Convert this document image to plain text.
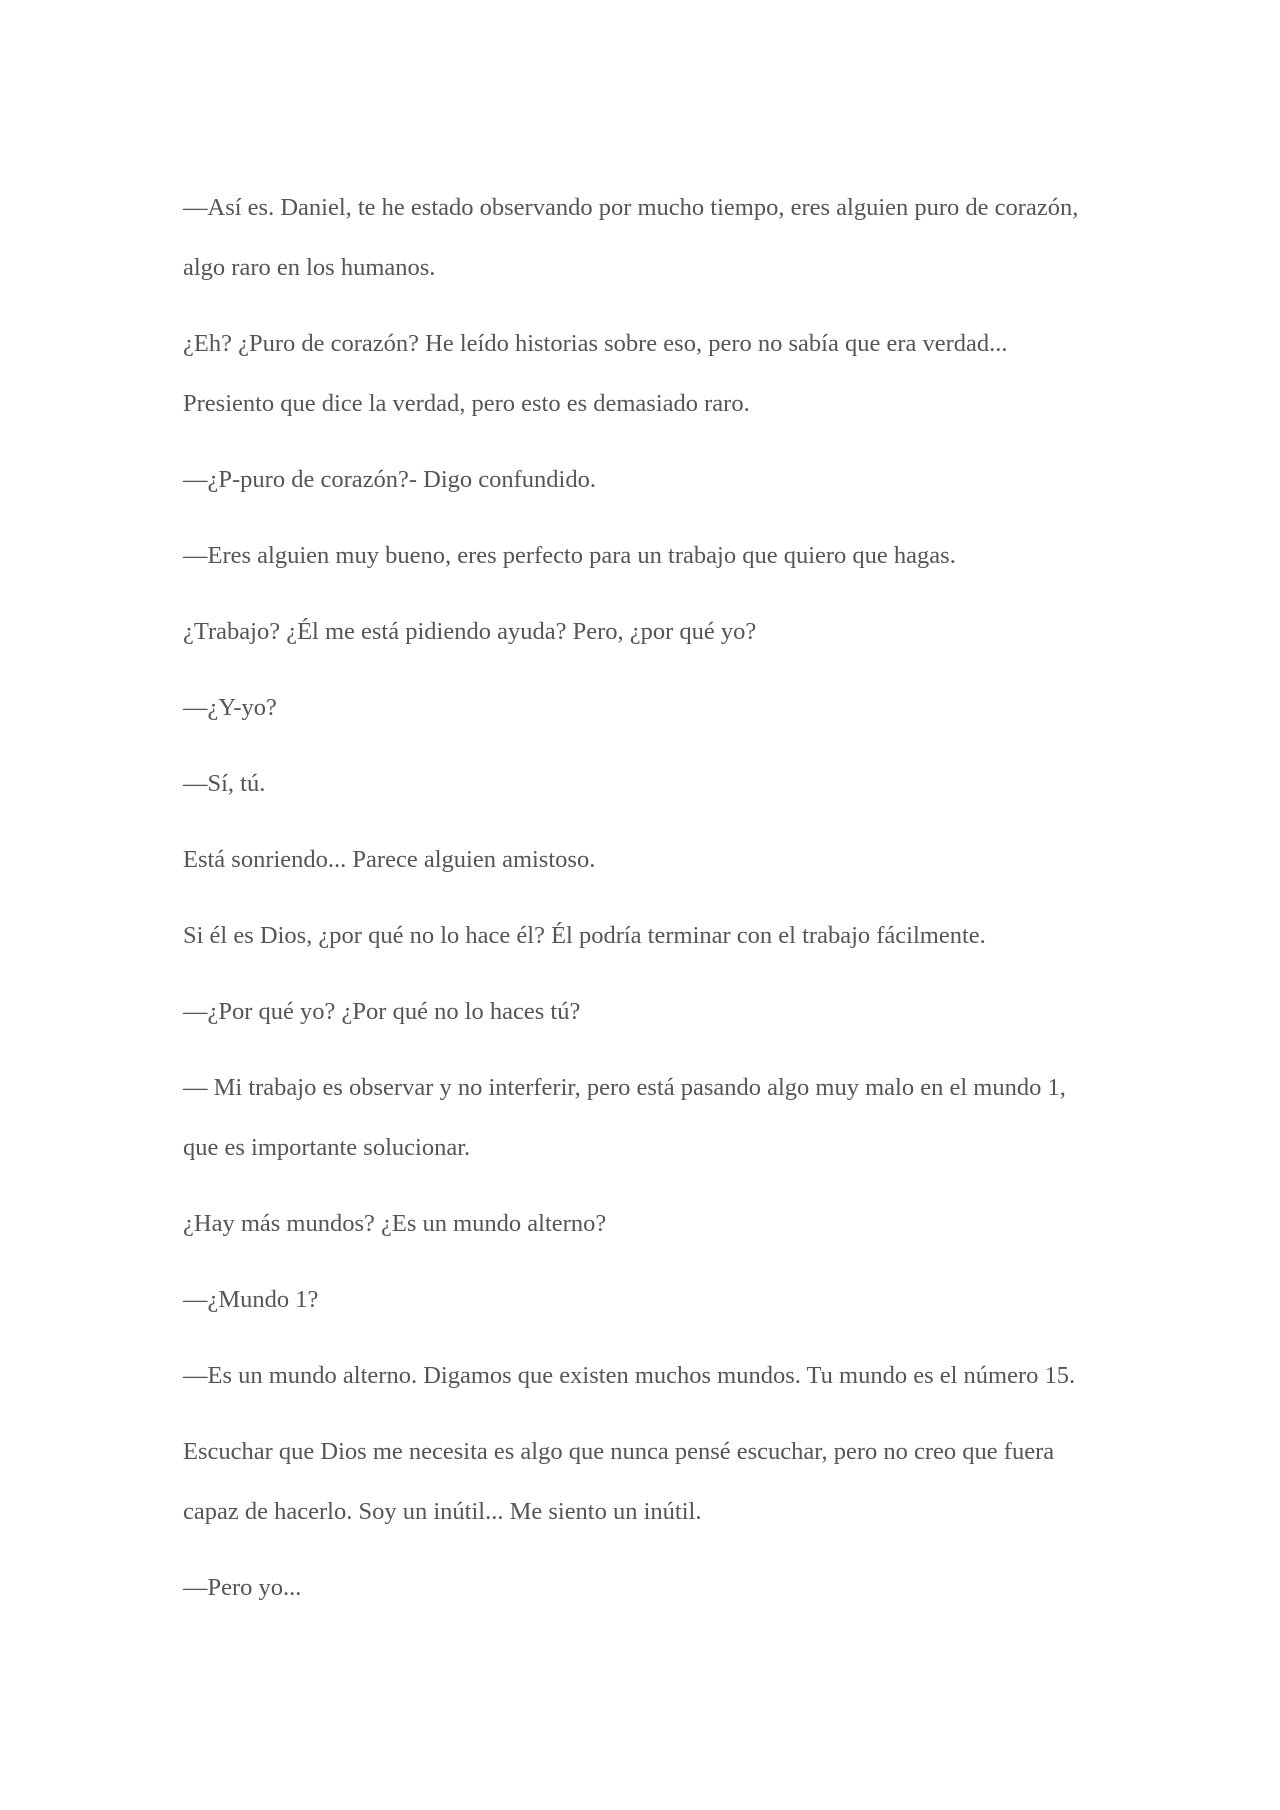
—Así es. Daniel, te he estado observando por mucho tiempo, eres alguien puro de corazón, algo raro en los humanos.

¿Eh? ¿Puro de corazón? He leído historias sobre eso, pero no sabía que era verdad... Presiento que dice la verdad, pero esto es demasiado raro.

—¿P-puro de corazón?- Digo confundido.

—Eres alguien muy bueno, eres perfecto para un trabajo que quiero que hagas.

¿Trabajo? ¿Él me está pidiendo ayuda? Pero, ¿por qué yo?

—¿Y-yo?

—Sí, tú.

Está sonriendo... Parece alguien amistoso.

Si él es Dios, ¿por qué no lo hace él? Él podría terminar con el trabajo fácilmente.

—¿Por qué yo? ¿Por qué no lo haces tú?

— Mi trabajo es observar y no interferir, pero está pasando algo muy malo en el mundo 1, que es importante solucionar.

¿Hay más mundos? ¿Es un mundo alterno?

—¿Mundo 1?

—Es un mundo alterno. Digamos que existen muchos mundos. Tu mundo es el número 15.

Escuchar que Dios me necesita es algo que nunca pensé escuchar, pero no creo que fuera capaz de hacerlo. Soy un inútil... Me siento un inútil.

—Pero yo...
